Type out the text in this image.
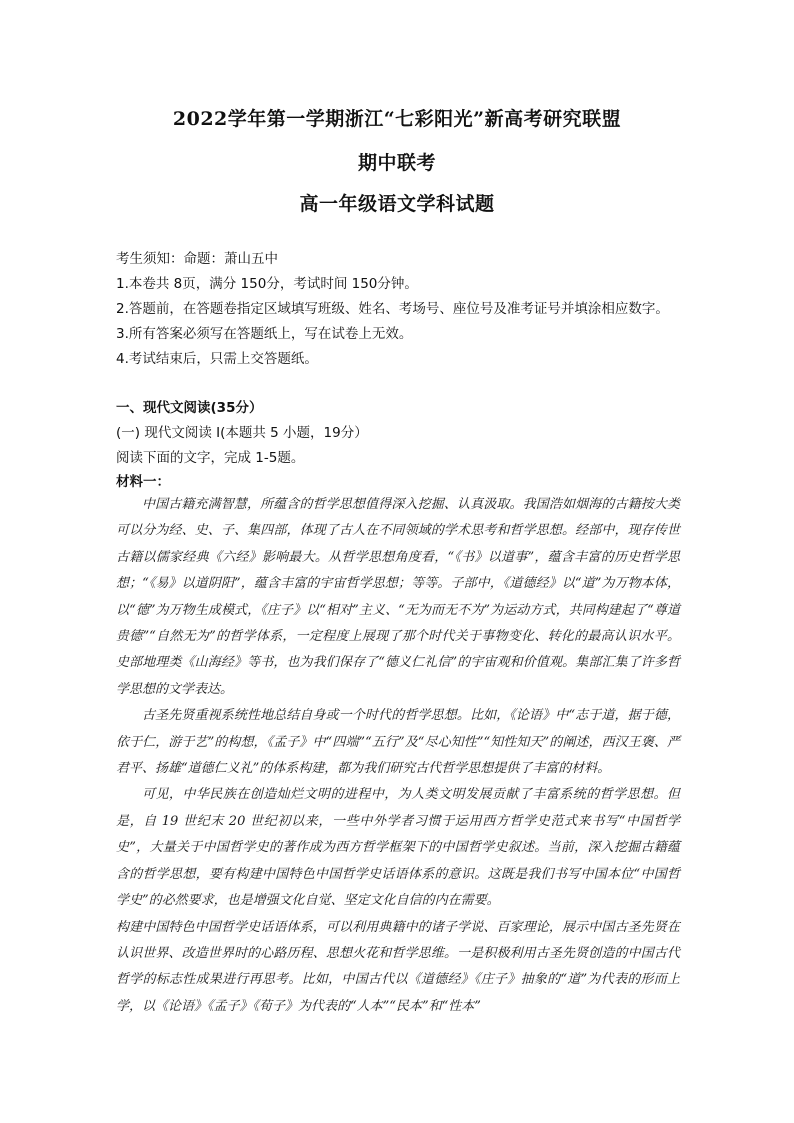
2022学年第一学期浙江“七彩阳光”新高考研究联盟
期中联考
高一年级语文学科试题
考生须知：命题：萧山五中
1.本卷共 8页，满分 150分，考试时间 150分钟。
2.答题前，在答题卷指定区域填写班级、姓名、考场号、座位号及准考证号并填涂相应数字。
3.所有答案必须写在答题纸上，写在试卷上无效。
4.考试结束后，只需上交答题纸。
一、现代文阅读(35分）
(一) 现代文阅读 I(本题共 5 小题，19分）
阅读下面的文字，完成 1-5题。
材料一：

中国古籍充满智慧，所蕴含的哲学思想值得深入挖掘、认真汲取。我国浩如烟海的古籍按大类可以分为经、史、子、集四部，体现了古人在不同领域的学术思考和哲学思想。经部中，现存传世古籍以儒家经典《六经》影响最大。从哲学思想角度看，“《书》以道事”，蕴含丰富的历史哲学思想；“《易》以道阴阳”，蕴含丰富的宇宙哲学思想；等等。子部中，《道德经》以“道”为万物本体，以“德”为万物生成模式，《庄子》以“相对”主义、“无为而无不为”为运动方式，共同构建起了“尊道贵德”“自然无为”的哲学体系，一定程度上展现了那个时代关于事物变化、转化的最高认识水平。史部地理类《山海经》等书，也为我们保存了“德义仁礼信”的宇宙观和价值观。集部汇集了许多哲学思想的文学表达。

古圣先贤重视系统性地总结自身或一个时代的哲学思想。比如，《论语》中“志于道，据于德，依于仁，游于艺”的构想，《孟子》中“四端”“五行”及“尽心知性”“知性知天”的阐述，西汉王褒、严君平、扬雄“道德仁义礼”的体系构建，都为我们研究古代哲学思想提供了丰富的材料。

可见，中华民族在创造灿烂文明的进程中，为人类文明发展贡献了丰富系统的哲学思想。但是，自 19 世纪末 20 世纪初以来，一些中外学者习惯于运用西方哲学史范式来书写“中国哲学史”，大量关于中国哲学史的著作成为西方哲学框架下的中国哲学史叙述。当前，深入挖掘古籍蕴含的哲学思想，要有构建中国特色中国哲学史话语体系的意识。这既是我们书写中国本位“中国哲学史”的必然要求，也是增强文化自觉、坚定文化自信的内在需要。

构建中国特色中国哲学史话语体系，可以利用典籍中的诸子学说、百家理论，展示中国古圣先贤在认识世界、改造世界时的心路历程、思想火花和哲学思维。一是积极利用古圣先贤创造的中国古代哲学的标志性成果进行再思考。比如，中国古代以《道德经》《庄子》抽象的“道”为代表的形而上学，以《论语》《孟子》《荀子》为代表的“人本”“民本”和“性本”
